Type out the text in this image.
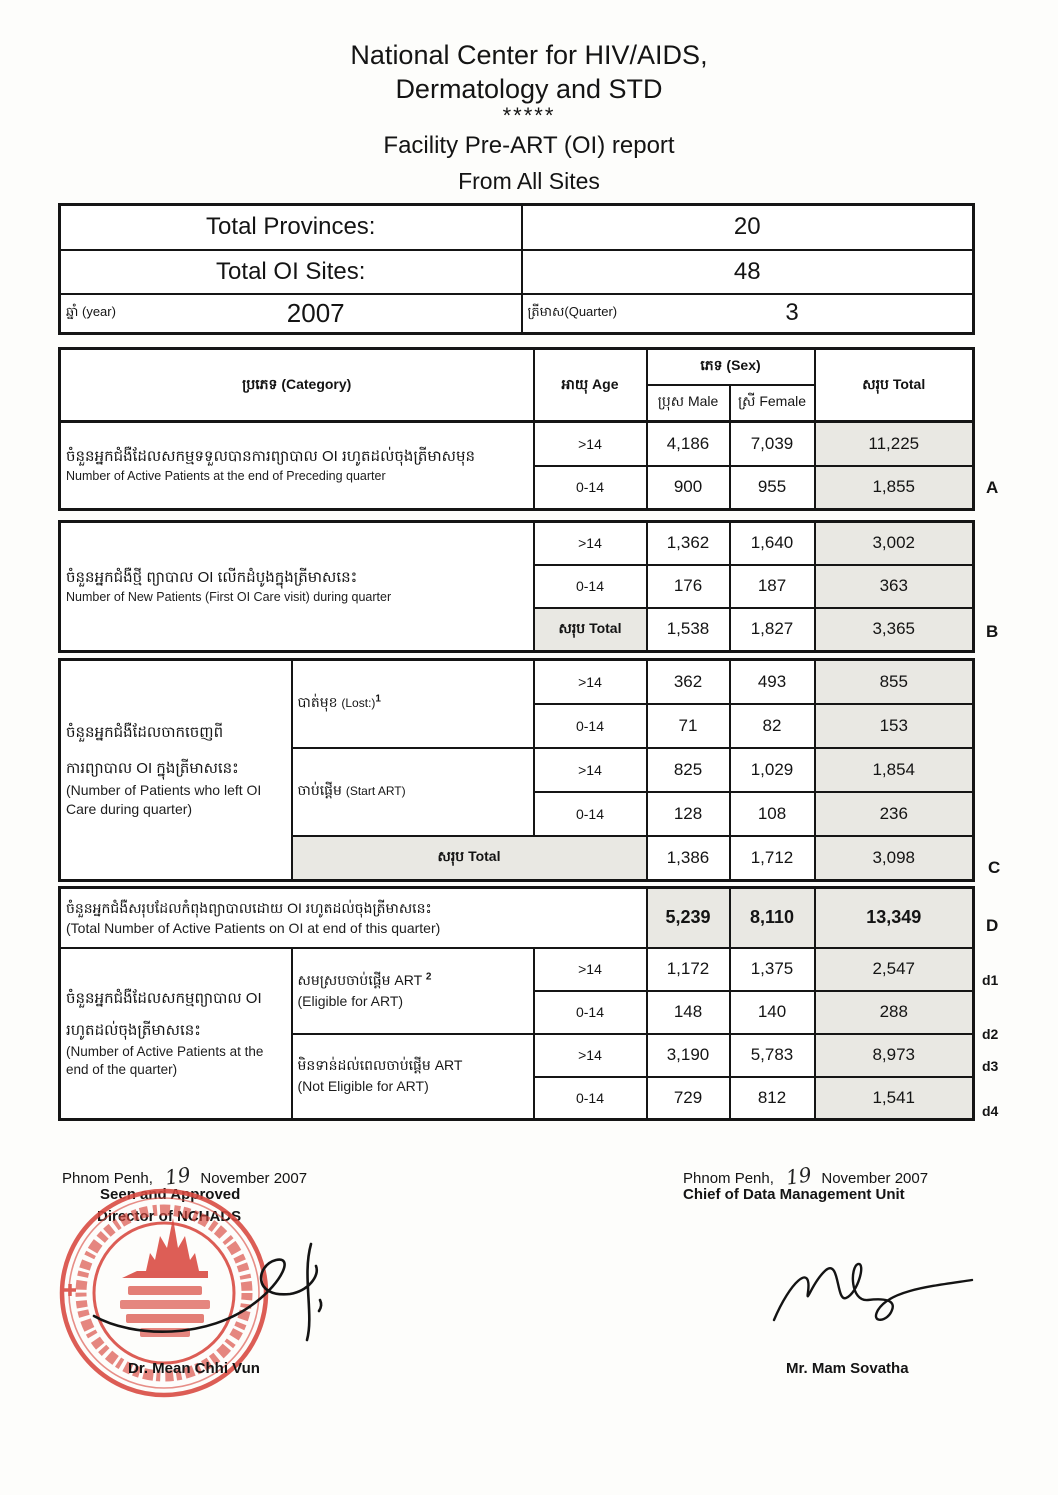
National Center for HIV/AIDS,
Dermatology and STD
*****
Facility Pre-ART (OI) report
From All Sites
Total Provinces:	20
Total OI Sites:	48

ឆ្នាំ (year) 2007	ត្រីមាស(Quarter) 3
ប្រភេទ (Category)	អាយុ Age	ភេទ (Sex)		សរុប Total
		ប្រុស Male	ស្រី Female	
ចំនួនអ្នកជំងឺដែលសកម្មទទួលបានការព្យាបាល OI រហូតដល់ចុងត្រីមាសមុន
Number of Active Patients at the end of Preceding quarter	>14	4,186	7,039	11,225
	0-14	900	955	1,855	A
ចំនួនអ្នកជំងឺថ្មី ព្យាបាល OI លើកដំបូងក្នុងត្រីមាសនេះ
Number of New Patients (First OI Care visit) during quarter	>14	1,362	1,640	3,002
	0-14	176	187	363
	សរុប Total	1,538	1,827	3,365	B
ចំនួនអ្នកជំងឺដែលចាកចេញពី
ការព្យាបាល OI ក្នុងត្រីមាសនេះ
(Number of Patients who left OI Care during quarter)	បាត់មុខ (Lost:)$^1$	>14	362	493	855
		0-14	71	82	153
	ចាប់ផ្តើម (Start ART)	>14	825	1,029	1,854
		0-14	128	108	236
	សរុប Total		1,386	1,712	3,098
C
ចំនួនអ្នកជំងឺសរុបដែលកំពុងព្យាបាលដោយ OI រហូតដល់ចុងត្រីមាសនេះ
(Total Number of Active Patients on OI at end of this quarter)			5,239	8,110	13,349

ចំនួនអ្នកជំងឺដែលសកម្មព្យាបាល OI
រហូតដល់ចុងត្រីមាសនេះ
(Number of Active Patients at the end of the quarter)

សមស្របចាប់ផ្តើម ART $^2$
(Eligible for ART)
	>14	1,172	1,375	2,547
		0-14	148	140	288

	មិនទាន់ដល់ពេលចាប់ផ្តើម ART
(Not Eligible for ART)	>14	3,190	5,783	8,973
		0-14	729	812	1,541
D
d1
d2
d3
d4
Phnom Penh, 19 November 2007
Seen and Approved
Director of NCHADS
Dr. Mean Chhi Vun
Phnom Penh, 19 November 2007
Chief of Data Management Unit
Mr. Mam Sovatha
